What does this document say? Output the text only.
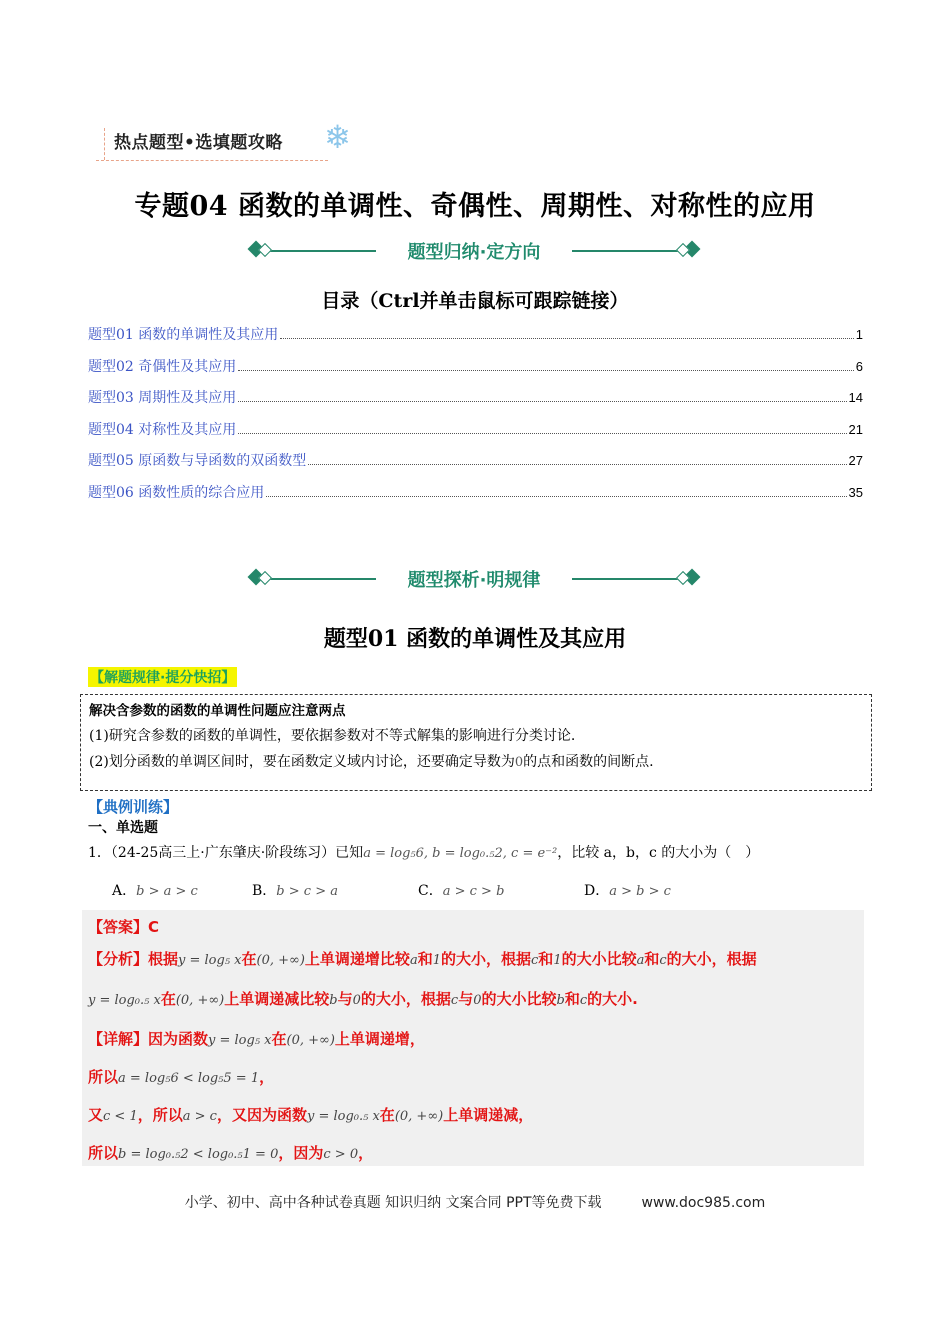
热点题型•选填题攻略 ❄
专题04 函数的单调性、奇偶性、周期性、对称性的应用
题型归纳·定方向
目录（Ctrl并单击鼠标可跟踪链接）
题型01 函数的单调性及其应用	1
题型02 奇偶性及其应用	6
题型03 周期性及其应用	14
题型04 对称性及其应用	21
题型05 原函数与导函数的双函数型	27
题型06 函数性质的综合应用	35
题型探析·明规律
题型01 函数的单调性及其应用
【解题规律·提分快招】
解决含参数的函数的单调性问题应注意两点
(1)研究含参数的函数的单调性，要依据参数对不等式解集的影响进行分类讨论.
(2)划分函数的单调区间时，要在函数定义域内讨论，还要确定导数为0的点和函数的间断点.
【典例训练】
一、单选题
1．（24-25高三上·广东肇庆·阶段练习）已知a = log₅6, b = log₀.₅2, c = e⁻²，比较 a，b，c 的大小为（　）
A．b > a > c	B．b > c > a	C．a > c > b	D．a > b > c
【答案】C
【分析】根据y = log₅ x在(0, +∞)上单调递增比较a和1的大小，根据c和1的大小比较a和c的大小，根据
y = log₀.₅ x在(0, +∞)上单调递减比较b与0的大小，根据c与0的大小比较b和c的大小.
【详解】因为函数y = log₅ x在(0, +∞)上单调递增，
所以a = log₅6 < log₅5 = 1，
又c < 1，所以a > c，又因为函数y = log₀.₅ x在(0, +∞)上单调递减，
所以b = log₀.₅2 < log₀.₅1 = 0，因为c > 0，
小学、初中、高中各种试卷真题 知识归纳 文案合同 PPT等免费下载	www.doc985.com
